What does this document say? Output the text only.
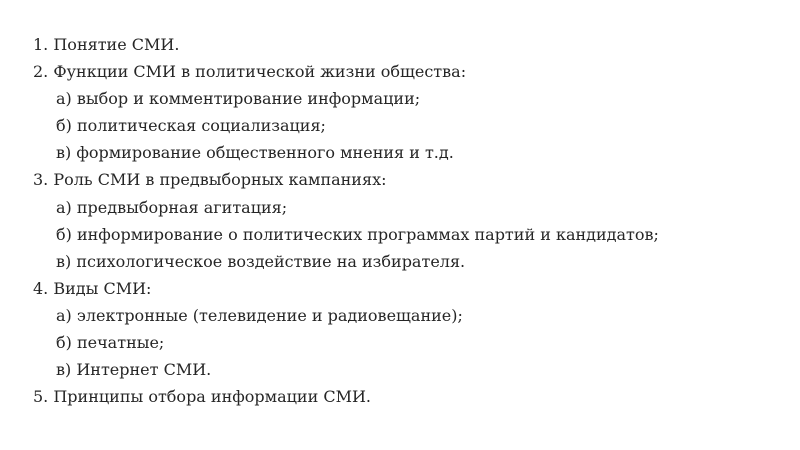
1. Понятие СМИ.
2. Функции СМИ в политической жизни общества:
а) выбор и комментирование информации;
б) политическая социализация;
в) формирование общественного мнения и т.д.
3. Роль СМИ в предвыборных кампаниях:
а) предвыборная агитация;
б) информирование о политических программах партий и кандидатов;
в) психологическое воздействие на избирателя.
4. Виды СМИ:
а) электронные (телевидение и радиовещание);
б) печатные;
в) Интернет СМИ.
5. Принципы отбора информации СМИ.
